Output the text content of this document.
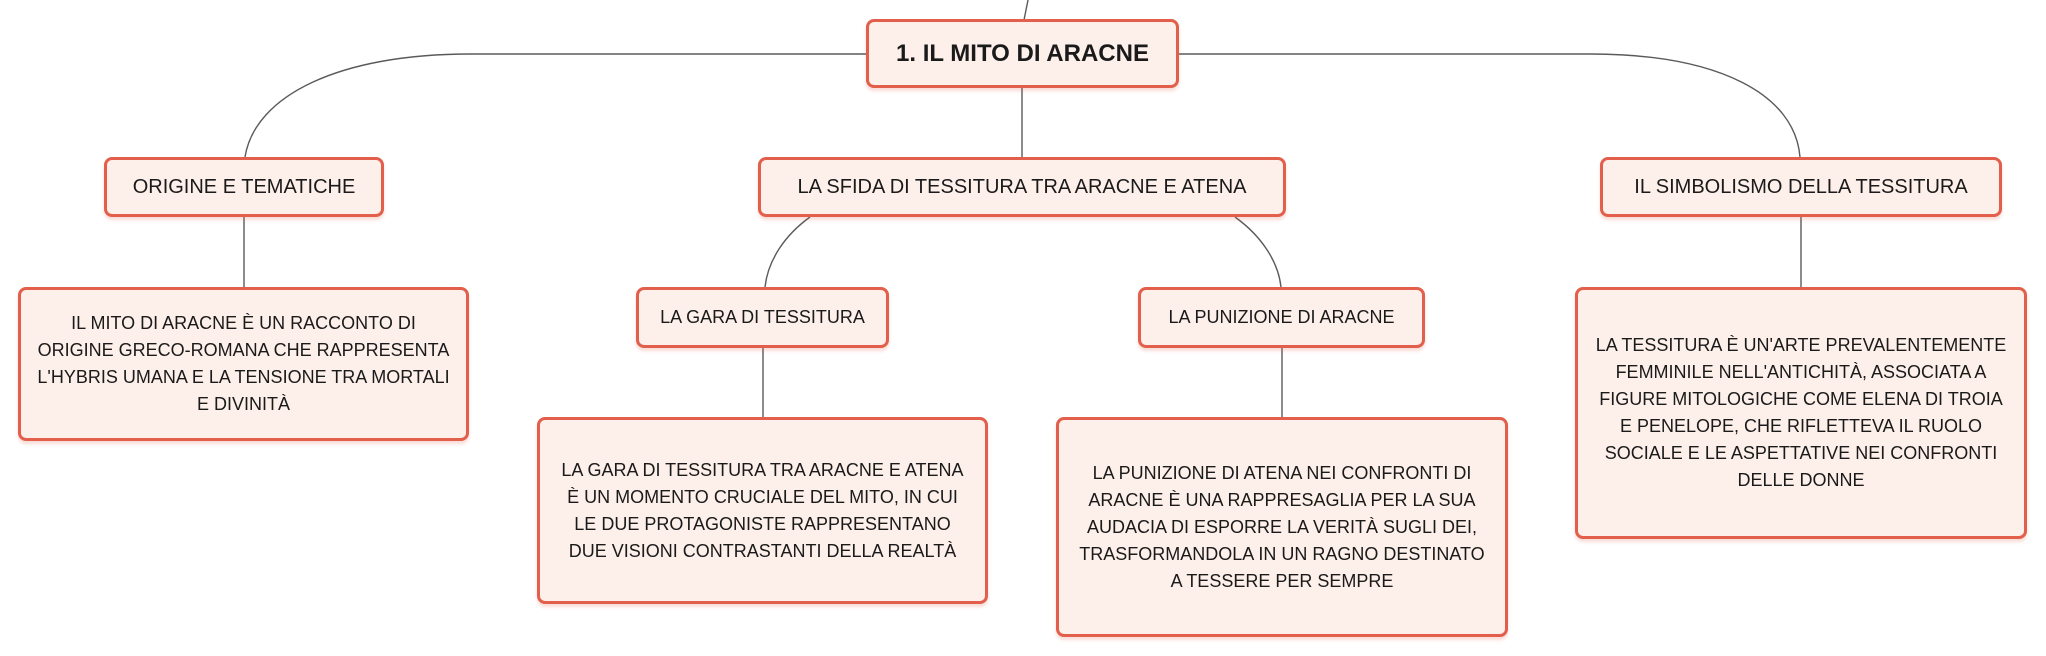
1. IL MITO DI ARACNE
ORIGINE E TEMATICHE	LA SFIDA DI TESSITURA TRA ARACNE E ATENA	IL SIMBOLISMO DELLA TESSITURA
IL MITO DI ARACNE È UN RACCONTO DI ORIGINE GRECO-ROMANA CHE RAPPRESENTA L'HYBRIS UMANA E LA TENSIONE TRA MORTALI E DIVINITÀ
LA GARA DI TESSITURA	LA PUNIZIONE DI ARACNE
LA GARA DI TESSITURA TRA ARACNE E ATENA È UN MOMENTO CRUCIALE DEL MITO, IN CUI LE DUE PROTAGONISTE RAPPRESENTANO DUE VISIONI CONTRASTANTI DELLA REALTÀ
LA PUNIZIONE DI ATENA NEI CONFRONTI DI ARACNE È UNA RAPPRESAGLIA PER LA SUA AUDACIA DI ESPORRE LA VERITÀ SUGLI DEI, TRASFORMANDOLA IN UN RAGNO DESTINATO A TESSERE PER SEMPRE
LA TESSITURA È UN'ARTE PREVALENTEMENTE FEMMINILE NELL'ANTICHITÀ, ASSOCIATA A FIGURE MITOLOGICHE COME ELENA DI TROIA E PENELOPE, CHE RIFLETTEVA IL RUOLO SOCIALE E LE ASPETTATIVE NEI CONFRONTI DELLE DONNE
